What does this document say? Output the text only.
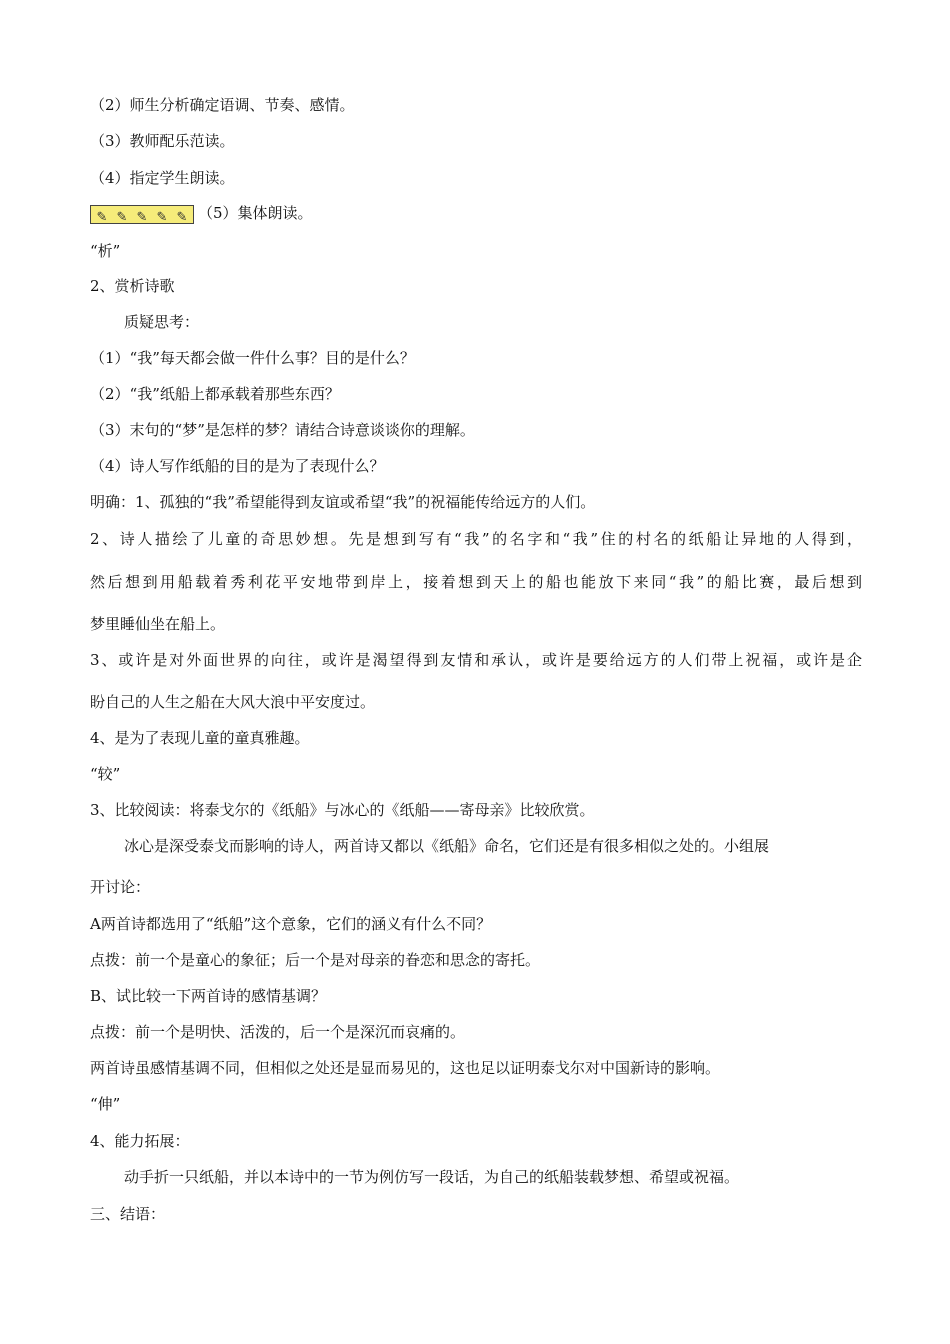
（2）师生分析确定语调、节奏、感情。
（3）教师配乐范读。
（4）指定学生朗读。
✎ ✎ ✎ ✎ ✎ （5）集体朗读。
“析”
2、赏析诗歌
质疑思考：
（1）“我”每天都会做一件什么事？目的是什么？
（2）“我”纸船上都承载着那些东西？
（3）末句的“梦”是怎样的梦？请结合诗意谈谈你的理解。
（4）诗人写作纸船的目的是为了表现什么？
明确：1、孤独的“我”希望能得到友谊或希望“我”的祝福能传给远方的人们。
2、诗人描绘了儿童的奇思妙想。先是想到写有“我”的名字和“我”住的村名的纸船让异地的人得到，
然后想到用船载着秀利花平安地带到岸上，接着想到天上的船也能放下来同“我”的船比赛，最后想到
梦里睡仙坐在船上。
3、或许是对外面世界的向往，或许是渴望得到友情和承认，或许是要给远方的人们带上祝福，或许是企
盼自己的人生之船在大风大浪中平安度过。
4、是为了表现儿童的童真雅趣。
“较”
3、比较阅读：将泰戈尔的《纸船》与冰心的《纸船——寄母亲》比较欣赏。
冰心是深受泰戈而影响的诗人，两首诗又都以《纸船》命名，它们还是有很多相似之处的。小组展
开讨论：
A两首诗都选用了“纸船”这个意象，它们的涵义有什么不同？
点拨：前一个是童心的象征；后一个是对母亲的眷恋和思念的寄托。
B、试比较一下两首诗的感情基调？
点拨：前一个是明快、活泼的，后一个是深沉而哀痛的。
两首诗虽感情基调不同，但相似之处还是显而易见的，这也足以证明泰戈尔对中国新诗的影响。
“伸”
4、能力拓展：
动手折一只纸船，并以本诗中的一节为例仿写一段话，为自己的纸船装载梦想、希望或祝福。
三、结语：
